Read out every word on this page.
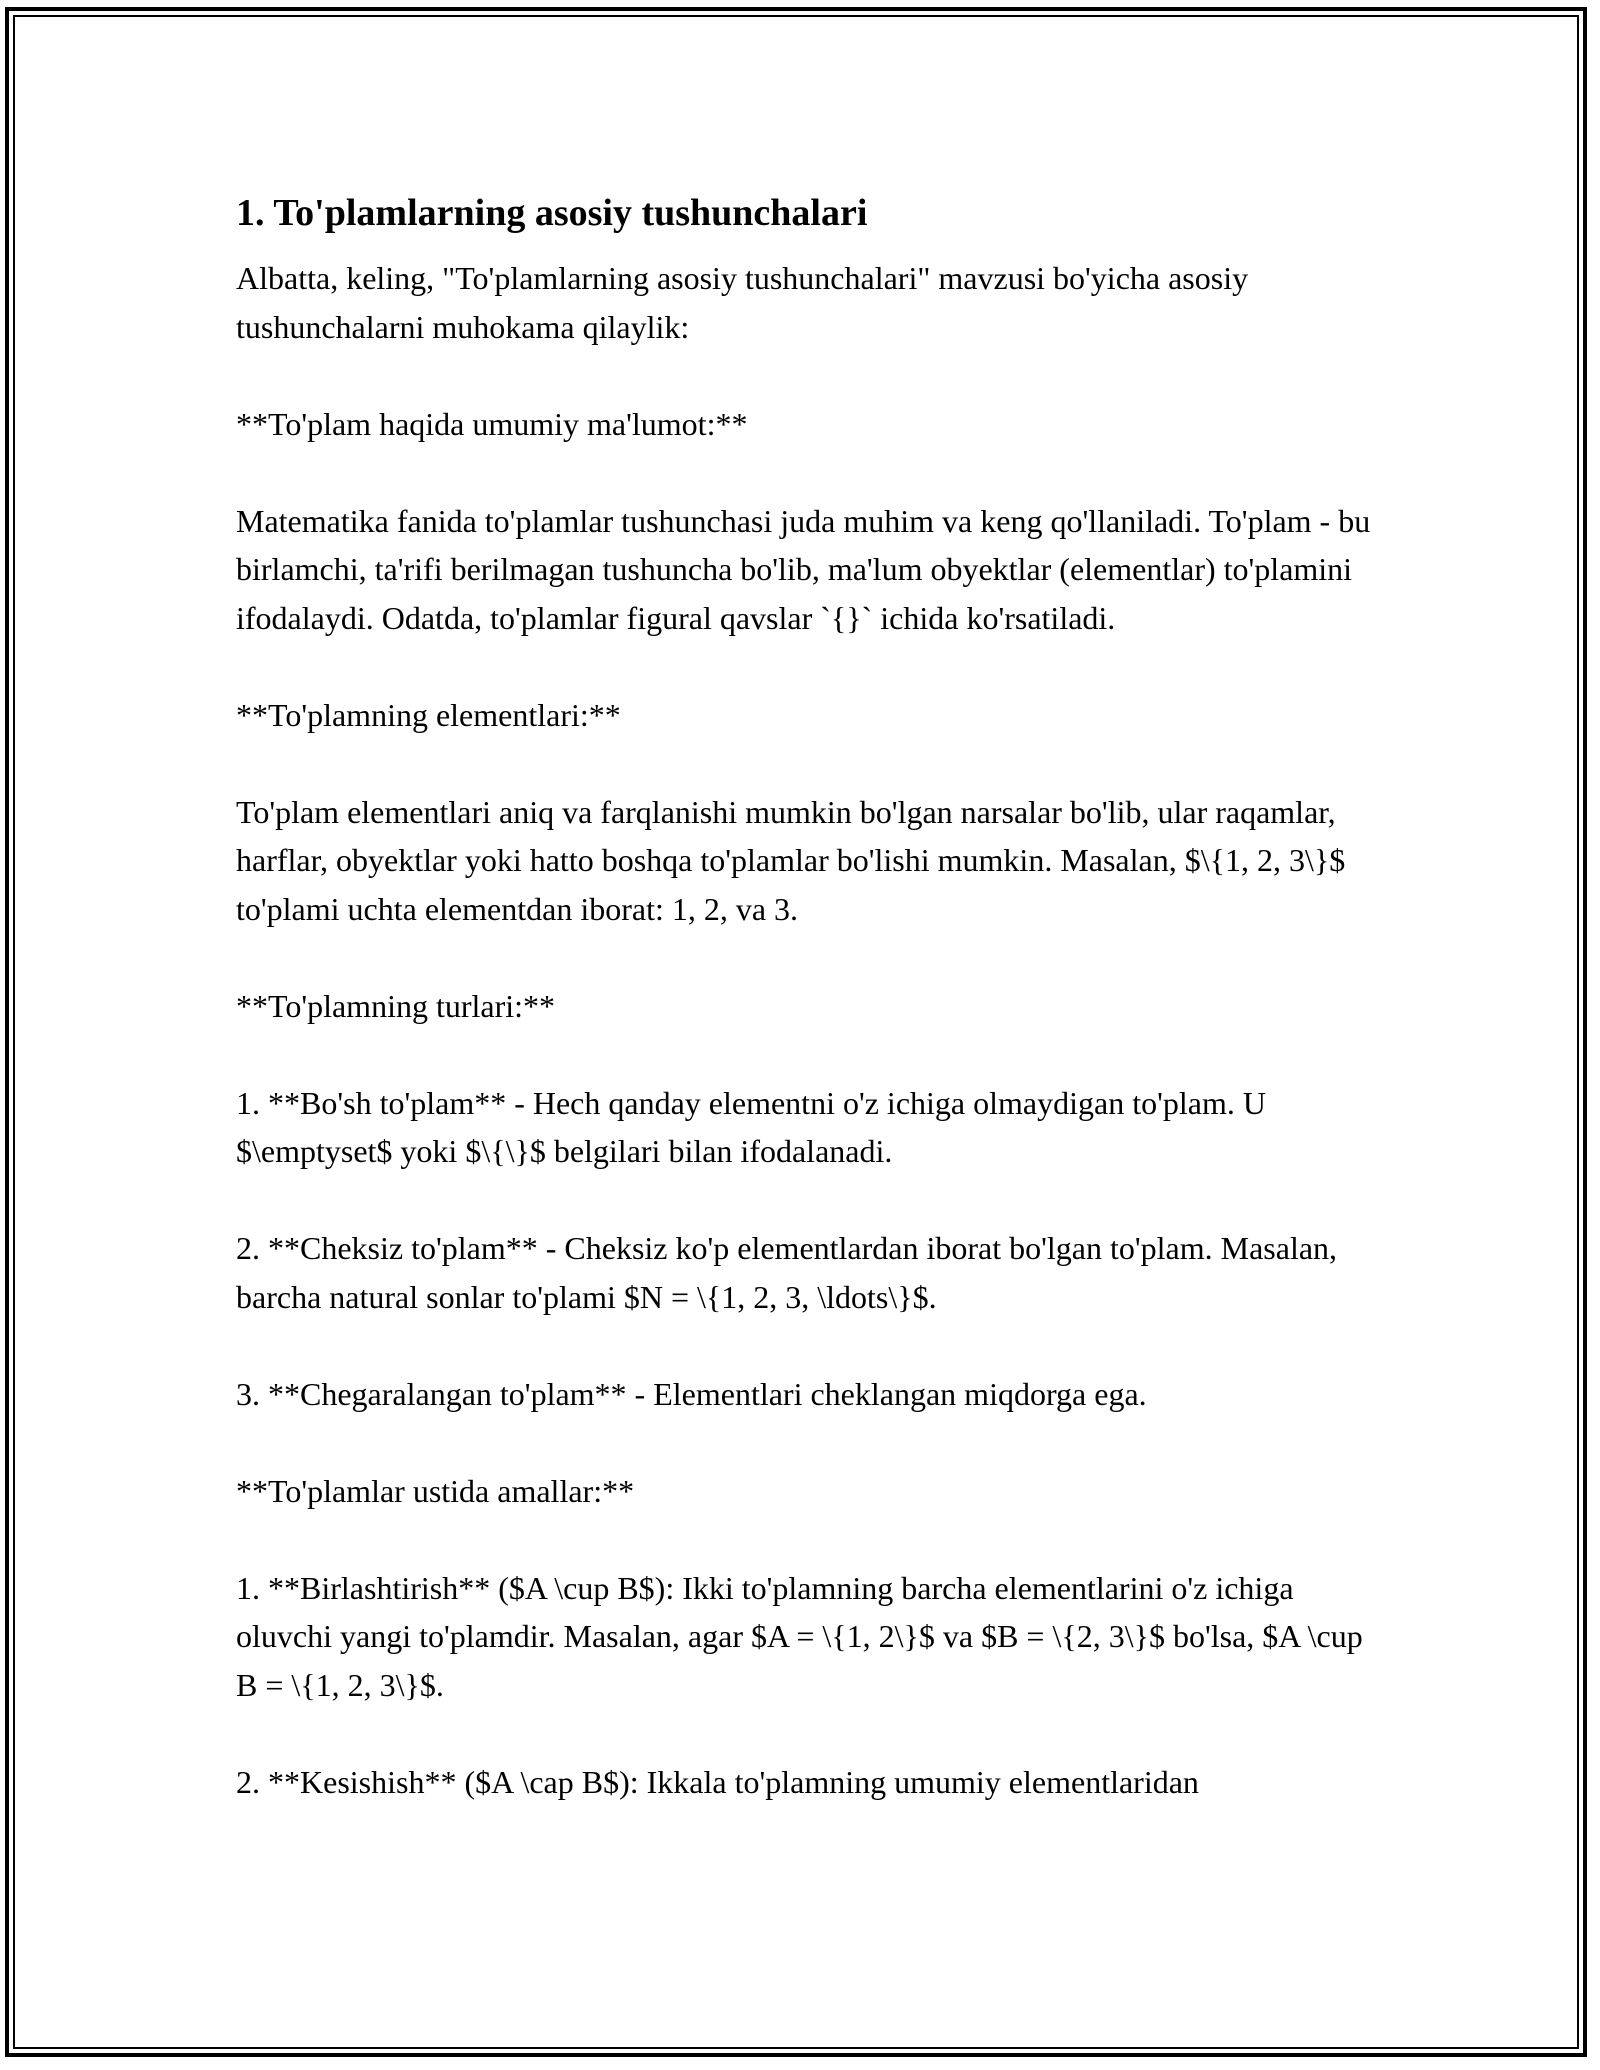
1. To'plamlarning asosiy tushunchalari

Albatta, keling, "To'plamlarning asosiy tushunchalari" mavzusi bo'yicha asosiy tushunchalarni muhokama qilaylik:

**To'plam haqida umumiy ma'lumot:**

Matematika fanida to'plamlar tushunchasi juda muhim va keng qo'llaniladi. To'plam - bu birlamchi, ta'rifi berilmagan tushuncha bo'lib, ma'lum obyektlar (elementlar) to'plamini ifodalaydi. Odatda, to'plamlar figural qavslar `{}` ichida ko'rsatiladi.

**To'plamning elementlari:**

To'plam elementlari aniq va farqlanishi mumkin bo'lgan narsalar bo'lib, ular raqamlar, harflar, obyektlar yoki hatto boshqa to'plamlar bo'lishi mumkin. Masalan, $\{1, 2, 3\}$ to'plami uchta elementdan iborat: 1, 2, va 3.

**To'plamning turlari:**

1. **Bo'sh to'plam** - Hech qanday elementni o'z ichiga olmaydigan to'plam. U $\emptyset$ yoki $\{\}$ belgilari bilan ifodalanadi.

2. **Cheksiz to'plam** - Cheksiz ko'p elementlardan iborat bo'lgan to'plam. Masalan, barcha natural sonlar to'plami $N = \{1, 2, 3, \ldots\}$.

3. **Chegaralangan to'plam** - Elementlari cheklangan miqdorga ega.

**To'plamlar ustida amallar:**

1. **Birlashtirish** ($A \cup B$): Ikki to'plamning barcha elementlarini o'z ichiga oluvchi yangi to'plamdir. Masalan, agar $A = \{1, 2\}$ va $B = \{2, 3\}$ bo'lsa, $A \cup B = \{1, 2, 3\}$.

2. **Kesishish** ($A \cap B$): Ikkala to'plamning umumiy elementlaridan
